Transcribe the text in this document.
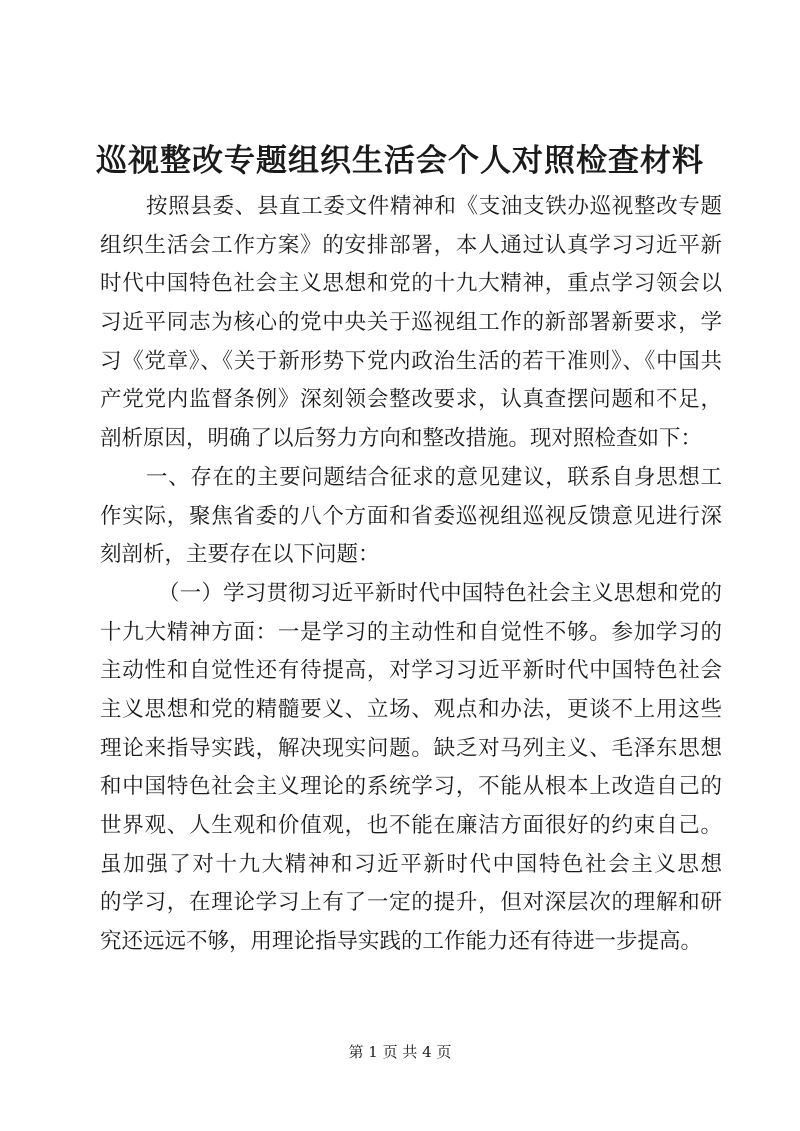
巡视整改专题组织生活会个人对照检查材料

按照县委、县直工委文件精神和《支油支铁办巡视整改专题

组织生活会工作方案》的安排部署，本人通过认真学习习近平新

时代中国特色社会主义思想和党的十九大精神，重点学习领会以

习近平同志为核心的党中央关于巡视组工作的新部署新要求，学

习《党章》、《关于新形势下党内政治生活的若干准则》、《中国共

产党党内监督条例》深刻领会整改要求，认真查摆问题和不足，

剖析原因，明确了以后努力方向和整改措施。现对照检查如下：

一、存在的主要问题结合征求的意见建议，联系自身思想工

作实际，聚焦省委的八个方面和省委巡视组巡视反馈意见进行深

刻剖析，主要存在以下问题：

（一）学习贯彻习近平新时代中国特色社会主义思想和党的

十九大精神方面：一是学习的主动性和自觉性不够。参加学习的

主动性和自觉性还有待提高，对学习习近平新时代中国特色社会

主义思想和党的精髓要义、立场、观点和办法，更谈不上用这些

理论来指导实践，解决现实问题。缺乏对马列主义、毛泽东思想

和中国特色社会主义理论的系统学习，不能从根本上改造自己的

世界观、人生观和价值观，也不能在廉洁方面很好的约束自己。

虽加强了对十九大精神和习近平新时代中国特色社会主义思想

的学习，在理论学习上有了一定的提升，但对深层次的理解和研

究还远远不够，用理论指导实践的工作能力还有待进一步提高。

第 1 页 共 4 页
